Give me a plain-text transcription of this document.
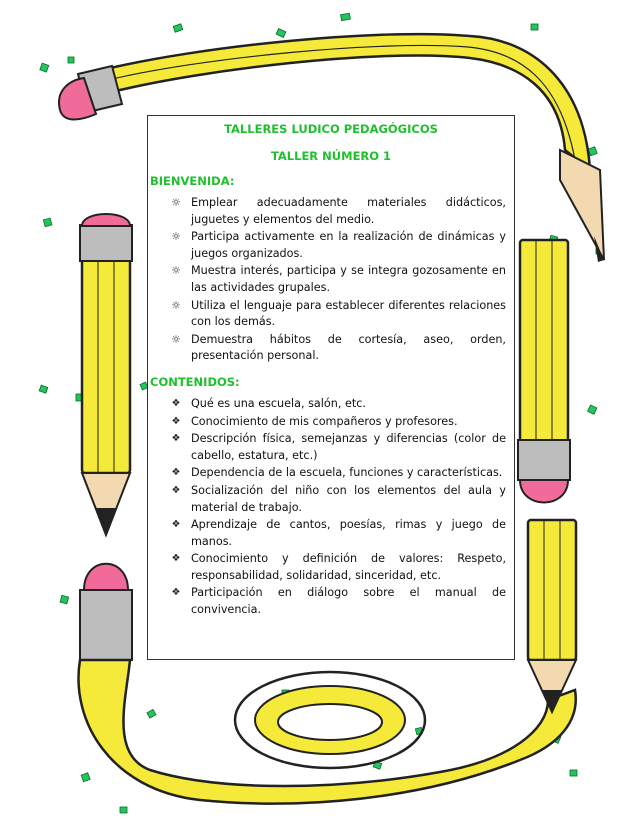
TALLERES LUDICO PEDAGÓGICOS

TALLER NÚMERO 1

BIENVENIDA:

☼ Emplear adecuadamente materiales didácticos, juguetes y elementos del medio.
☼ Participa activamente en la realización de dinámicas y juegos organizados.
☼ Muestra interés, participa y se integra gozosamente en las actividades grupales.
☼ Utiliza el lenguaje para establecer diferentes relaciones con los demás.
☼ Demuestra hábitos de cortesía, aseo, orden, presentación personal.

CONTENIDOS:

❖ Qué es una escuela, salón, etc.
❖ Conocimiento de mis compañeros y profesores.
❖ Descripción física, semejanzas y diferencias (color de cabello, estatura, etc.)
❖ Dependencia de la escuela, funciones y características.
❖ Socialización del niño con los elementos del aula y material de trabajo.
❖ Aprendizaje de cantos, poesías, rimas y juego de manos.
❖ Conocimiento y definición de valores: Respeto, responsabilidad, solidaridad, sinceridad, etc.
❖ Participación en diálogo sobre el manual de convivencia.
